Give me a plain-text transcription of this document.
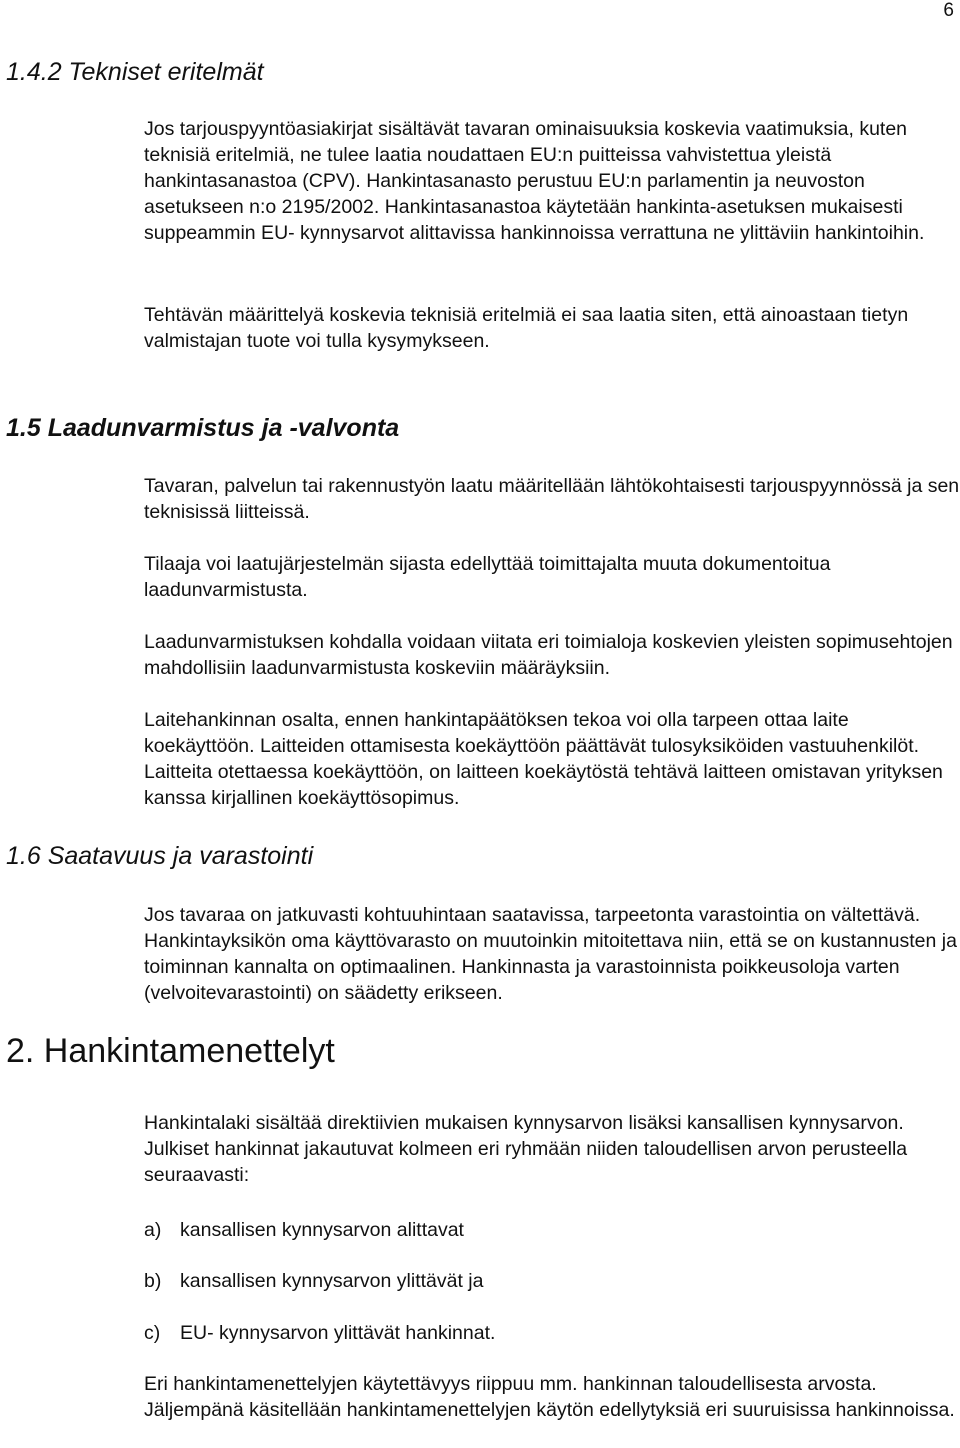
6
1.4.2 Tekniset eritelmät

Jos tarjouspyyntöasiakirjat sisältävät tavaran ominaisuuksia koskevia vaatimuksia, kuten teknisiä eritelmiä, ne tulee laatia noudattaen EU:n puitteissa vahvistettua yleistä hankintasanastoa (CPV). Hankintasanasto perustuu EU:n parlamentin ja neuvoston asetukseen n:o 2195/2002. Hankintasanastoa käytetään hankinta-asetuksen mukaisesti suppeammin EU- kynnysarvot alittavissa hankinnoissa verrattuna ne ylittäviin hankintoihin.

Tehtävän määrittelyä koskevia teknisiä eritelmiä ei saa laatia siten, että ainoastaan tietyn valmistajan tuote voi tulla kysymykseen.

1.5 Laadunvarmistus ja -valvonta

Tavaran, palvelun tai rakennustyön laatu määritellään lähtökohtaisesti tarjouspyynnössä ja sen teknisissä liitteissä.

Tilaaja voi laatujärjestelmän sijasta edellyttää toimittajalta muuta dokumentoitua laadunvarmistusta.

Laadunvarmistuksen kohdalla voidaan viitata eri toimialoja koskevien yleisten sopimusehtojen mahdollisiin laadunvarmistusta koskeviin määräyksiin.

Laitehankinnan osalta, ennen hankintapäätöksen tekoa voi olla tarpeen ottaa laite koekäyttöön. Laitteiden ottamisesta koekäyttöön päättävät tulosyksiköiden vastuuhenkilöt. Laitteita otettaessa koekäyttöön, on laitteen koekäytöstä tehtävä laitteen omistavan yrityksen kanssa kirjallinen koekäyttösopimus.

1.6 Saatavuus ja varastointi

Jos tavaraa on jatkuvasti kohtuuhintaan saatavissa, tarpeetonta varastointia on vältettävä. Hankintayksikön oma käyttövarasto on muutoinkin mitoitettava niin, että se on kustannusten ja toiminnan kannalta on optimaalinen. Hankinnasta ja varastoinnista poikkeusoloja varten (velvoitevarastointi) on säädetty erikseen.

2. Hankintamenettelyt

Hankintalaki sisältää direktiivien mukaisen kynnysarvon lisäksi kansallisen kynnysarvon. Julkiset hankinnat jakautuvat kolmeen eri ryhmään niiden taloudellisen arvon perusteella seuraavasti:

a) kansallisen kynnysarvon alittavat

b) kansallisen kynnysarvon ylittävät ja

c) EU- kynnysarvon ylittävät hankinnat.

Eri hankintamenettelyjen käytettävyys riippuu mm. hankinnan taloudellisesta arvosta. Jäljempänä käsitellään hankintamenettelyjen käytön edellytyksiä eri suuruisissa hankinnoissa.
